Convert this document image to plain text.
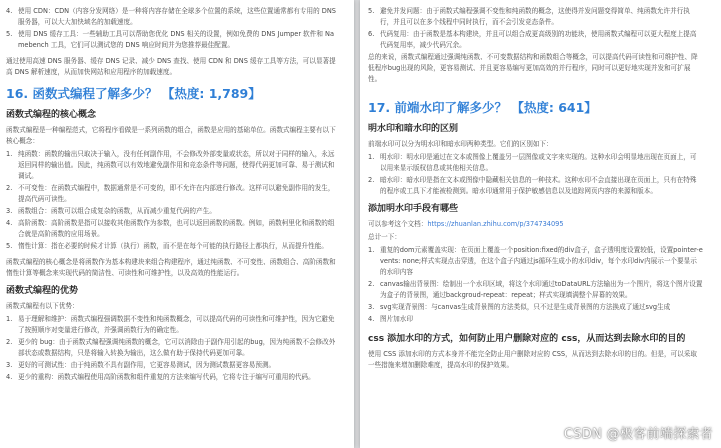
4. 使用 CDN：CDN（内容分发网络）是一种将内容存储在全球多个位置的系统，这些位置通常都有专用的 DNS 服务器，可以大大加快域名的加载速度。
5. 使用 DNS 缓存工具：一些辅助工具可以帮助您优化 DNS 相关的设置，例如免费的 DNS Jumper 软件和 Namebench 工具，它们可以测试您的 DNS 响应时间并为您推荐最佳配置。

通过使用高速 DNS 服务器、缓存 DNS 记录、减少 DNS 查找、使用 CDN 和 DNS 缓存工具等方法，可以显著提高 DNS 解析速度，从而加快网站和应用程序的加载速度。

16. 函数式编程了解多少？ 【热度: 1,789】
函数式编程的核心概念

函数式编程是一种编程范式，它将程序看做是一系列函数的组合，函数是应用的基础单位。函数式编程主要有以下核心概念：

1. 纯函数：函数的输出只取决于输入，没有任何副作用，不会修改外部变量或状态，所以对于同样的输入，永远返回同样的输出值。因此，纯函数可以有效地避免副作用和竞态条件等问题，使得代码更加可靠、易于测试和调试。
2. 不可变性：在函数式编程中，数据通常是不可变的，即不允许在内部进行修改。这样可以避免副作用的发生，提高代码可读性。
3. 函数组合：函数可以组合成复杂的函数，从而减少重复代码的产生。
4. 高阶函数：高阶函数是指可以接收其他函数作为参数，也可以返回函数的函数。例如，函数柯里化和函数的组合就是高阶函数的应用场景。
5. 惰性计算：指在必要的时候才计算（执行）函数，而不是在每个可能的执行路径上都执行，从而提升性能。

函数式编程的核心概念是将函数作为基本构建块来组合构建程序，通过纯函数、不可变性、函数组合、高阶函数和惰性计算等概念来实现代码的简洁性、可读性和可维护性，以及高效的性能运行。

函数式编程的优势

函数式编程有以下优势：

1. 易于理解和维护：函数式编程强调数据不变性和纯函数概念，可以提高代码的可读性和可维护性，因为它避免了按照顺序对变量进行修改，并强调函数行为的确定性。
2. 更少的 bug：由于函数式编程强调纯函数的概念，它可以消除由于副作用引起的bug，因为纯函数不会修改外部状态或数据结构，只是将输入转换为输出，这么做有助于保持代码更加可靠。
3. 更好的可测试性：由于纯函数不具有副作用，它更容易测试，因为测试数据更容易预测。
4. 更少的重构：函数式编程使用高阶函数和组件重复的方法来编写代码，它将专注于编写可重用的代码。
5. 避免并发问题：由于函数式编程强调不变性和纯函数的概念，这使得并发问题变得简单、纯函数允许并行执行，并且可以在多个线程中同时执行，而不会引发竞态条件。
6. 代码复用：由于函数是基本构建块，并且可以组合成更高级别的功能块，使用函数式编程可以更大程度上提高代码复用率，减少代码冗余。

总的来说，函数式编程通过强调纯函数、不可变数据结构和函数组合等概念，可以提高代码可读性和可维护性、降低程序bug出现的风险，更容易测试、并且更容易编写更加高效的并行程序，同时可以更好地实现并发和可扩展性。

17. 前端水印了解多少？ 【热度: 641】
明水印和暗水印的区别

前端水印可以分为明水印和暗水印两种类型。它们的区别如下：

1. 明水印：明水印是通过在文本或图像上覆盖另一层图像或文字来实现的。这种水印会明显地出现在页面上，可以用来显示版权信息或其他相关信息。
2. 暗水印：暗水印是指在文本或图像中隐藏相关信息的一种技术。这种水印不会直接出现在页面上，只有在特殊的程序或工具下才能被检测到。暗水印通常用于保护敏感信息以及追踪网页内容的来源和版本。
添加明水印手段有哪些

可以参考这个文档：https://zhuanlan.zhihu.com/p/374734095

总计一下：

1. 重复的dom元素覆盖实现：在页面上覆盖一个position:fixed的div盒子，盒子透明度设置较低，设置pointer-events: none;样式实现点击穿透，在这个盒子内通过js循环生成小的水印div，每个水印div内展示一个要显示的水印内容
2. canvas输出背景图：绘制出一个水印区域，将这个水印通过toDataURL方法输出为一个图片，将这个图片设置为盒子的背景图，通过backgroud-repeat：repeat；样式实现填满整个屏幕的效果。
3. svg实现背景图：与canvas生成背景图的方法类似，只不过是生成背景图的方法换成了通过svg生成
4. 图片加水印
css 添加水印的方式，如何防止用户删除对应的 css，从而达到去除水印的目的

使用 CSS 添加水印的方式本身并不能完全防止用户删除对应的 CSS，从而达到去除水印的目的。但是，可以采取一些措施来增加删除难度，提高水印的保护效果。

CSDN @极客前端探索者
